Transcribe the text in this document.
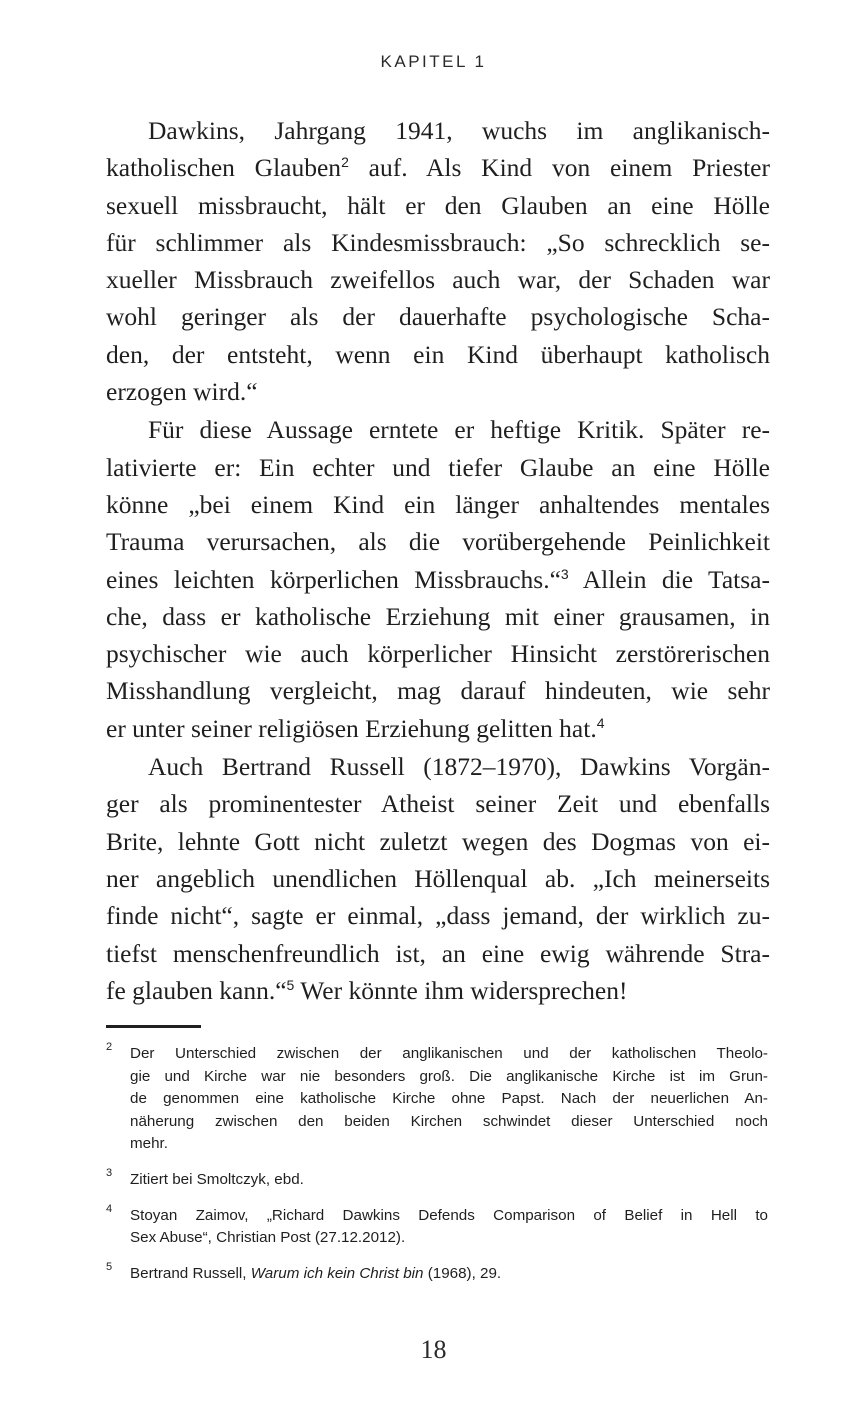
KAPITEL 1
Dawkins, Jahrgang 1941, wuchs im anglikanisch-
katholischen Glauben$^2$ auf. Als Kind von einem Priester
sexuell missbraucht, hält er den Glauben an eine Hölle
für schlimmer als Kindesmissbrauch: „So schrecklich se-
xueller Missbrauch zweifellos auch war, der Schaden war
wohl geringer als der dauerhafte psychologische Scha-
den, der entsteht, wenn ein Kind überhaupt katholisch
erzogen wird.“
Für diese Aussage erntete er heftige Kritik. Später re-
lativierte er: Ein echter und tiefer Glaube an eine Hölle
könne „bei einem Kind ein länger anhaltendes mentales
Trauma verursachen, als die vorübergehende Peinlichkeit
eines leichten körperlichen Missbrauchs.“$^3$ Allein die Tatsa-
che, dass er katholische Erziehung mit einer grausamen, in
psychischer wie auch körperlicher Hinsicht zerstörerischen
Misshandlung vergleicht, mag darauf hindeuten, wie sehr
er unter seiner religiösen Erziehung gelitten hat.$^4$
Auch Bertrand Russell (1872–1970), Dawkins Vorgän-
ger als prominentester Atheist seiner Zeit und ebenfalls
Brite, lehnte Gott nicht zuletzt wegen des Dogmas von ei-
ner angeblich unendlichen Höllenqual ab. „Ich meinerseits
finde nicht“, sagte er einmal, „dass jemand, der wirklich zu-
tiefst menschenfreundlich ist, an eine ewig währende Stra-
fe glauben kann.“$^5$ Wer könnte ihm widersprechen!
2 Der Unterschied zwischen der anglikanischen und der katholischen Theolo-
gie und Kirche war nie besonders groß. Die anglikanische Kirche ist im Grun-
de genommen eine katholische Kirche ohne Papst. Nach der neuerlichen An-
näherung zwischen den beiden Kirchen schwindet dieser Unterschied noch
mehr.
3 Zitiert bei Smoltczyk, ebd.
4 Stoyan Zaimov, „Richard Dawkins Defends Comparison of Belief in Hell to
Sex Abuse“, Christian Post (27.12.2012).
5 Bertrand Russell, Warum ich kein Christ bin (1968), 29.
18
